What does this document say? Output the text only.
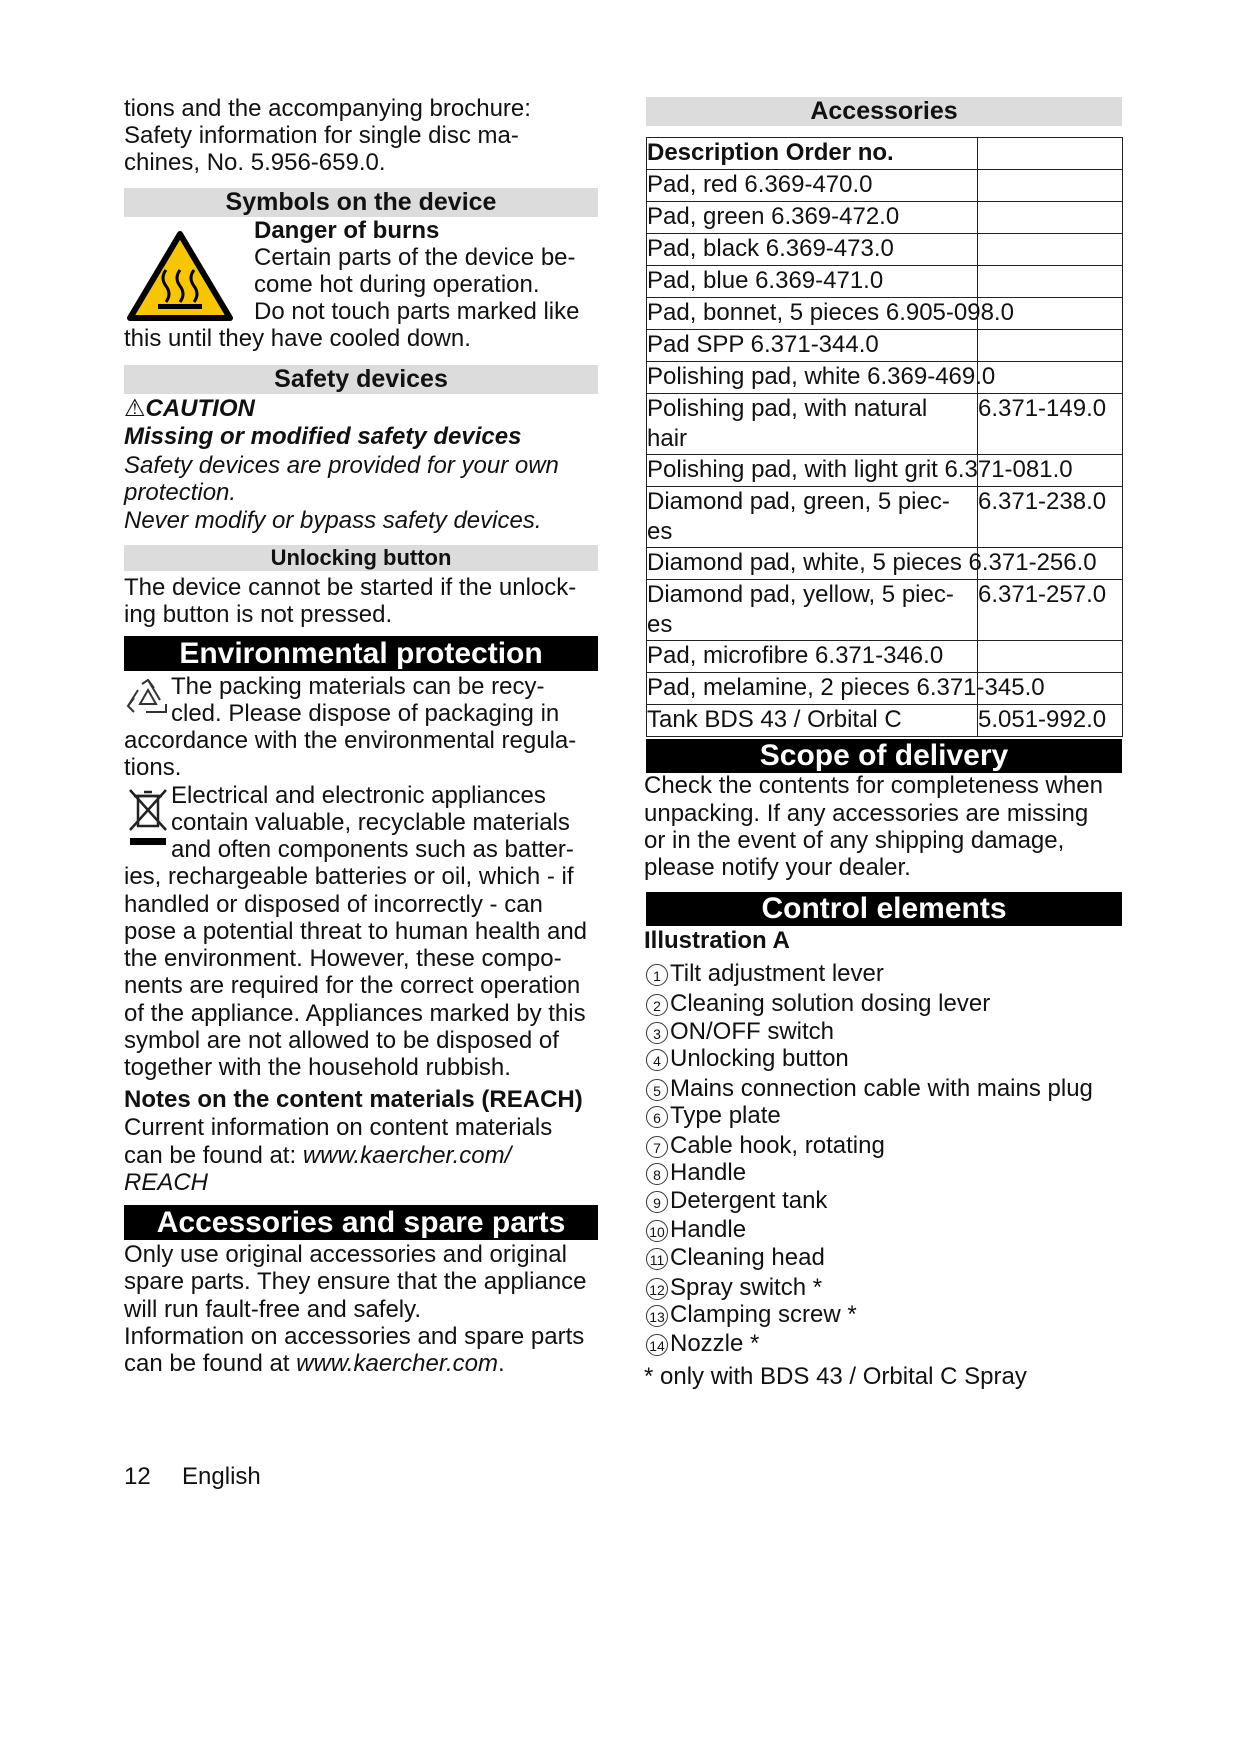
tions and the accompanying brochure:

Safety information for single disc ma-

chines, No. 5.956-659.0.

Symbols on the device

Danger of burns

Certain parts of the device be-

come hot during operation.

Do not touch parts marked like

this until they have cooled down.

Safety devices

⚠CAUTION

Missing or modified safety devices

Safety devices are provided for your own

protection.

Never modify or bypass safety devices.

Unlocking button

The device cannot be started if the unlock-

ing button is not pressed.

Environmental protection

The packing materials can be recy-

cled. Please dispose of packaging in

accordance with the environmental regula-

tions.

Electrical and electronic appliances

contain valuable, recyclable materials

and often components such as batter-

ies, rechargeable batteries or oil, which - if

handled or disposed of incorrectly - can

pose a potential threat to human health and

the environment. However, these compo-

nents are required for the correct operation

of the appliance. Appliances marked by this

symbol are not allowed to be disposed of

together with the household rubbish.

Notes on the content materials (REACH)

Current information on content materials

can be found at: www.kaercher.com/

REACH

Accessories and spare parts

Only use original accessories and original

spare parts. They ensure that the appliance

will run fault-free and safely.

Information on accessories and spare parts

can be found at www.kaercher.com.

Accessories
Description Order no.	
Pad, red 6.369-470.0	
Pad, green 6.369-472.0	
Pad, black 6.369-473.0	
Pad, blue 6.369-471.0	
Pad, bonnet, 5 pieces 6.905-098.0	
Pad SPP 6.371-344.0	
Polishing pad, white 6.369-469.0	
Polishing pad, with natural
hair	6.371-149.0
Polishing pad, with light grit 6.371-081.0	
Diamond pad, green, 5 piec-
es	6.371-238.0
Diamond pad, white, 5 pieces 6.371-256.0	
Diamond pad, yellow, 5 piec-
es	6.371-257.0
Pad, microfibre 6.371-346.0	
Pad, melamine, 2 pieces 6.371-345.0	
Tank BDS 43 / Orbital C	5.051-992.0
Scope of delivery

Check the contents for completeness when

unpacking. If any accessories are missing

or in the event of any shipping damage,

please notify your dealer.

Control elements

Illustration A

1 Tilt adjustment lever
2 Cleaning solution dosing lever
3 ON/OFF switch
4 Unlocking button
5 Mains connection cable with mains plug
6 Type plate
7 Cable hook, rotating
8 Handle
9 Detergent tank
10 Handle
11 Cleaning head
12 Spray switch *
13 Clamping screw *
14 Nozzle *

* only with BDS 43 / Orbital C Spray

12 English
